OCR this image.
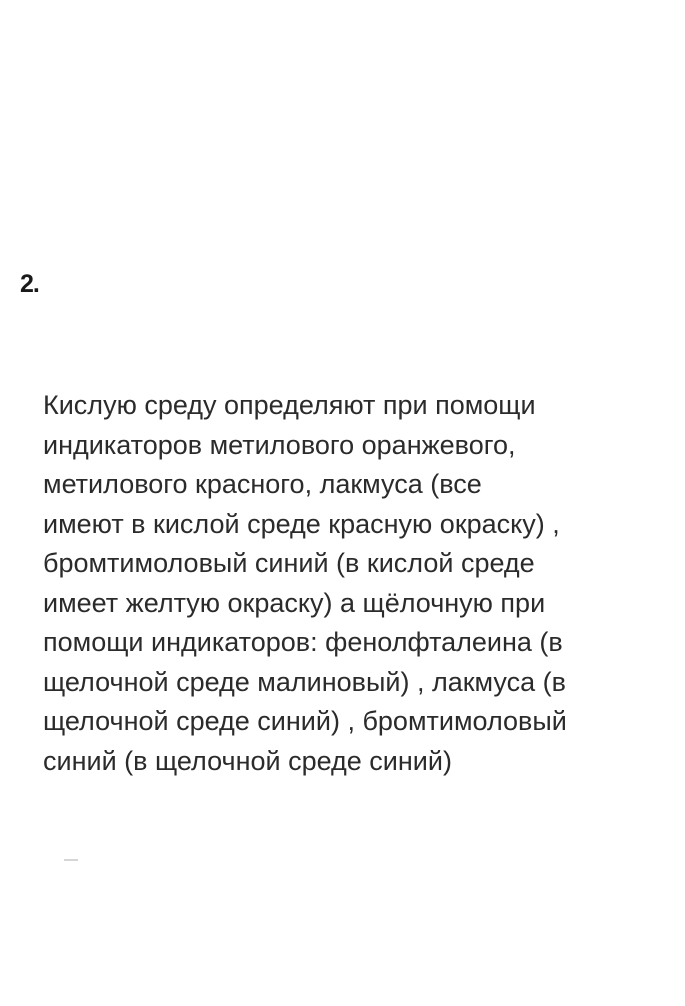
2.
Кислую среду определяют при помощи
индикаторов метилового оранжевого,
метилового красного, лакмуса (все
имеют в кислой среде красную окраску) ,
бромтимоловый синий (в кислой среде
имеет желтую окраску) а щёлочную при
помощи индикаторов: фенолфталеина (в
щелочной среде малиновый) , лакмуса (в
щелочной среде синий) , бромтимоловый
синий (в щелочной среде синий)
